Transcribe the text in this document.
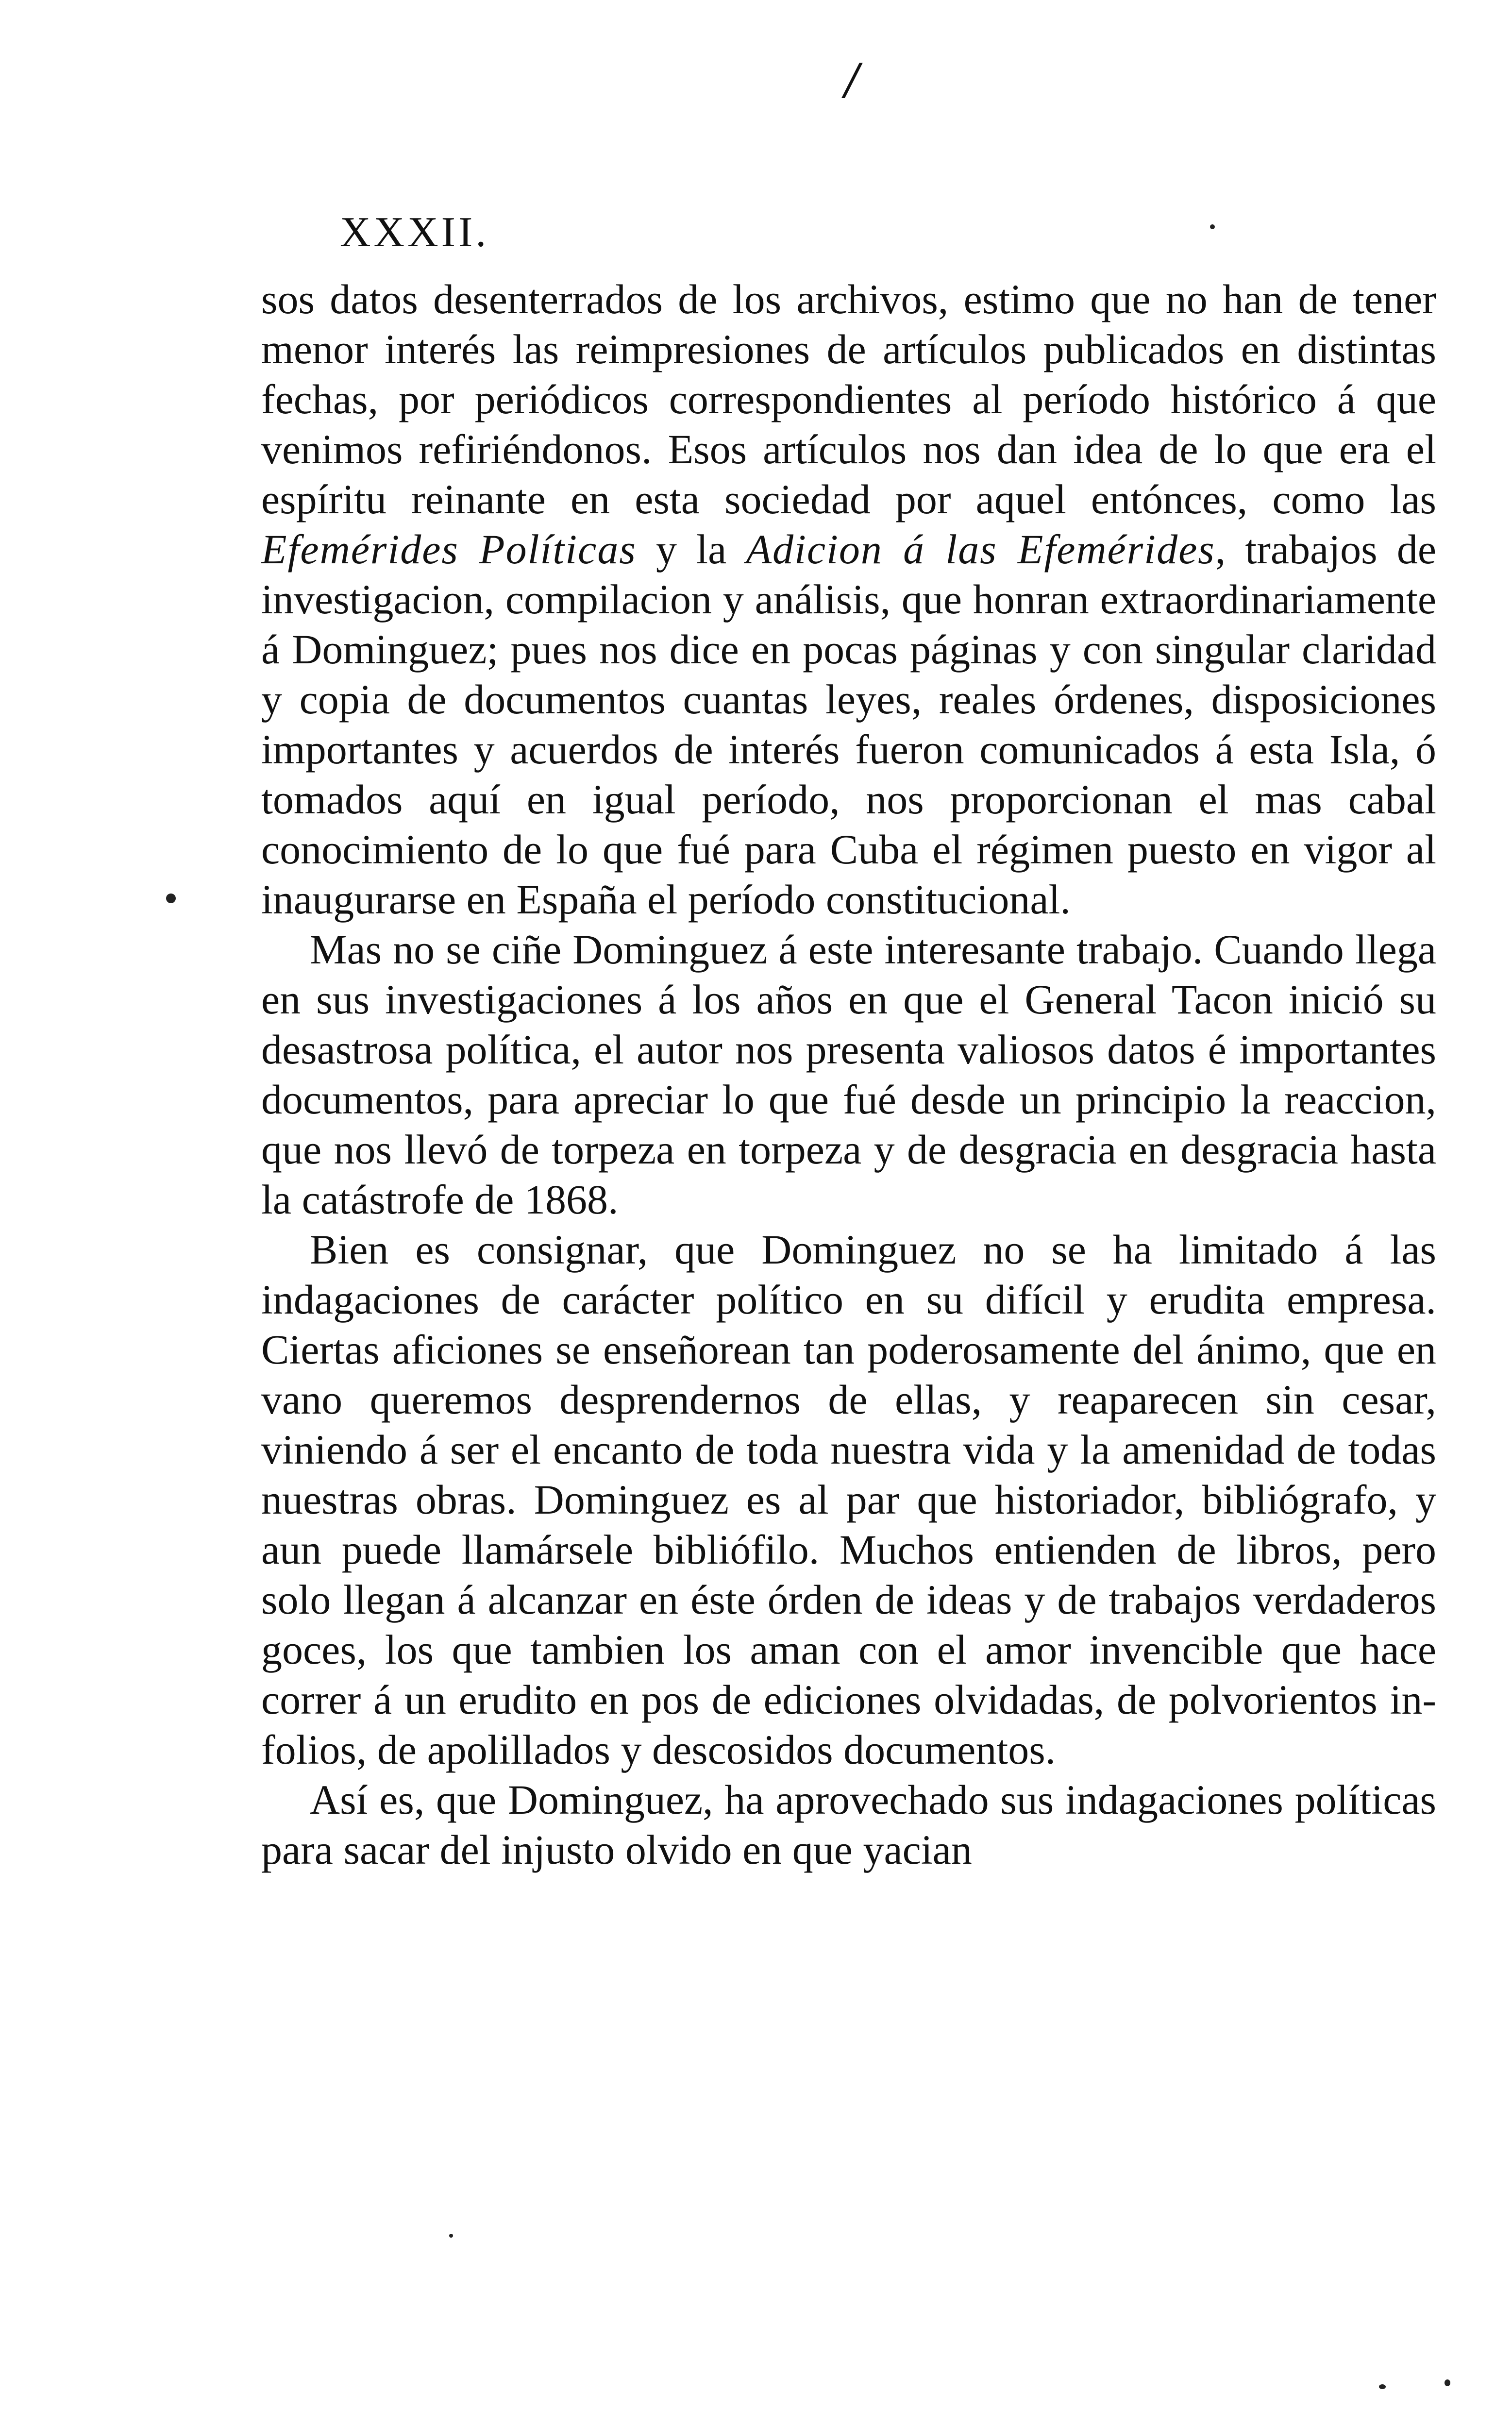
/
XXXII.

sos datos desenterrados de los archivos, estimo que no han de tener menor interés las reimpresiones de artículos publicados en distintas fechas, por periódicos correspondientes al período histórico á que venimos refiriéndonos. Esos artículos nos dan idea de lo que era el espíritu reinante en esta sociedad por aquel entónces, como las Efemérides Políticas y la Adicion á las Efemérides, trabajos de investigacion, compilacion y análisis, que honran extraordinariamente á Dominguez; pues nos dice en pocas páginas y con singular claridad y copia de documentos cuantas leyes, reales órdenes, disposiciones importantes y acuerdos de interés fueron comunicados á esta Isla, ó tomados aquí en igual período, nos proporcionan el mas cabal conocimiento de lo que fué para Cuba el régimen puesto en vigor al inaugurarse en España el período constitucional.

Mas no se ciñe Dominguez á este interesante trabajo. Cuando llega en sus investigaciones á los años en que el General Tacon inició su desastrosa política, el autor nos presenta valiosos datos é importantes documentos, para apreciar lo que fué desde un principio la reaccion, que nos llevó de torpeza en torpeza y de desgracia en desgracia hasta la catástrofe de 1868.

Bien es consignar, que Dominguez no se ha limitado á las indagaciones de carácter político en su difícil y erudita empresa. Ciertas aficiones se enseñorean tan poderosamente del ánimo, que en vano queremos desprendernos de ellas, y reaparecen sin cesar, viniendo á ser el encanto de toda nuestra vida y la amenidad de todas nuestras obras. Dominguez es al par que historiador, bibliógrafo, y aun puede llamársele bibliófilo. Muchos entienden de libros, pero solo llegan á alcanzar en éste órden de ideas y de trabajos verdaderos goces, los que tambien los aman con el amor invencible que hace correr á un erudito en pos de ediciones olvidadas, de polvorientos in-folios, de apolillados y descosidos documentos.

Así es, que Dominguez, ha aprovechado sus indagaciones políticas para sacar del injusto olvido en que yacian
